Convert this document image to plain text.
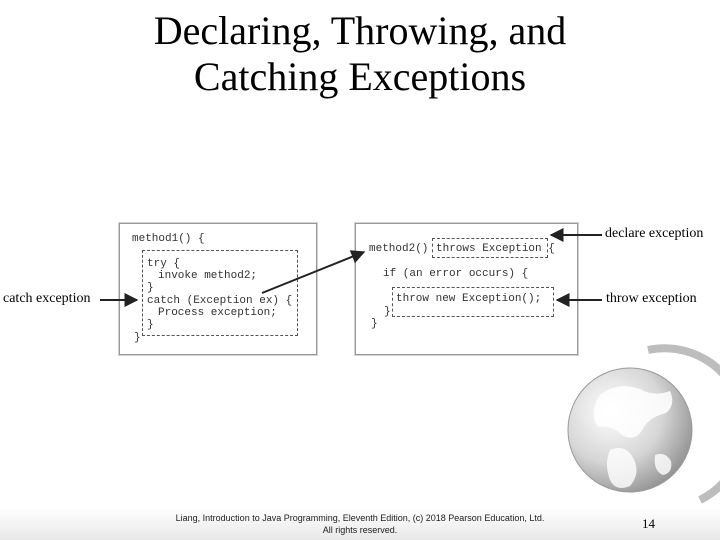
Declaring, Throwing, and
Catching Exceptions
method1() {
try {
invoke method2;
}
catch (Exception ex) {
Process exception;
}
}
method2() throws Exception {
if (an error occurs) {
throw new Exception();
}
}
catch exception
declare exception
throw exception
Liang, Introduction to Java Programming, Eleventh Edition, (c) 2018 Pearson Education, Ltd.
All rights reserved.	14
